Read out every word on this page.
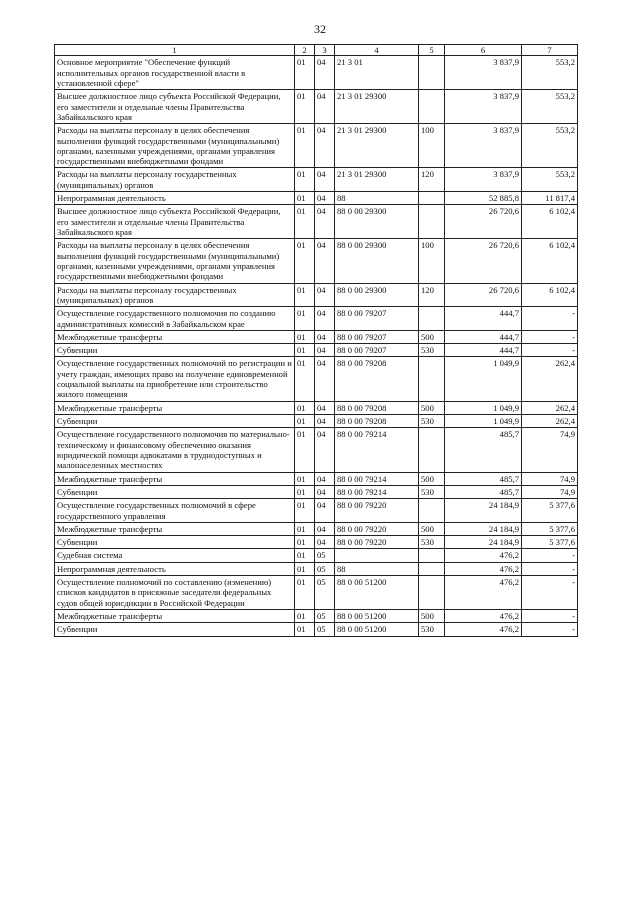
32
1	2	3	4	5	6	7
Основное мероприятие "Обеспечение функций исполнительных органов государственной власти в установленной сфере"	01	04	21 3 01		3 837,9	553,2
Высшее должностное лицо субъекта Российской Федерации, его заместители и отдельные члены Правительства Забайкальского края	01	04	21 3 01 29300		3 837,9	553,2
Расходы на выплаты персоналу в целях обеспечения выполнения функций государственными (муниципальными) органами, казенными учреждениями, органами управления государственными внебюджетными фондами	01	04	21 3 01 29300	100	3 837,9	553,2
Расходы на выплаты персоналу государственных (муниципальных) органов	01	04	21 3 01 29300	120	3 837,9	553,2
Непрограммная деятельность	01	04	88		52 885,8	11 817,4
Высшее должностное лицо субъекта Российской Федерации, его заместители и отдельные члены Правительства Забайкальского края	01	04	88 0 00 29300		26 720,6	6 102,4
Расходы на выплаты персоналу в целях обеспечения выполнения функций государственными (муниципальными) органами, казенными учреждениями, органами управления государственными внебюджетными фондами	01	04	88 0 00 29300	100	26 720,6	6 102,4
Расходы на выплаты персоналу государственных (муниципальных) органов	01	04	88 0 00 29300	120	26 720,6	6 102,4
Осуществление государственного полномочия по созданию административных комиссий в Забайкальском крае	01	04	88 0 00 79207		444,7	-
Межбюджетные трансферты	01	04	88 0 00 79207	500	444,7	-
Субвенции	01	04	88 0 00 79207	530	444,7	-
Осуществление государственных полномочий по регистрации и учету граждан, имеющих право на получение единовременной социальной выплаты на приобретение или строительство жилого помещения	01	04	88 0 00 79208		1 049,9	262,4
Межбюджетные трансферты	01	04	88 0 00 79208	500	1 049,9	262,4
Субвенции	01	04	88 0 00 79208	530	1 049,9	262,4
Осуществление государственного полномочия по материально-техническому и финансовому обеспечению оказания юридической помощи адвокатами в труднодоступных и малонаселенных местностях	01	04	88 0 00 79214		485,7	74,9
Межбюджетные трансферты	01	04	88 0 00 79214	500	485,7	74,9
Субвенции	01	04	88 0 00 79214	530	485,7	74,9
Осуществление государственных полномочий в сфере государственного управления	01	04	88 0 00 79220		24 184,9	5 377,6
Межбюджетные трансферты	01	04	88 0 00 79220	500	24 184,9	5 377,6
Субвенции	01	04	88 0 00 79220	530	24 184,9	5 377,6
Судебная система	01	05			476,2	-
Непрограммная деятельность	01	05	88		476,2	-
Осуществление полномочий по составлению (изменению) списков кандидатов в присяжные заседатели федеральных судов общей юрисдикции в Российской Федерации	01	05	88 0 00 51200		476,2	-
Межбюджетные трансферты	01	05	88 0 00 51200	500	476,2	-
Субвенции	01	05	88 0 00 51200	530	476,2	-
